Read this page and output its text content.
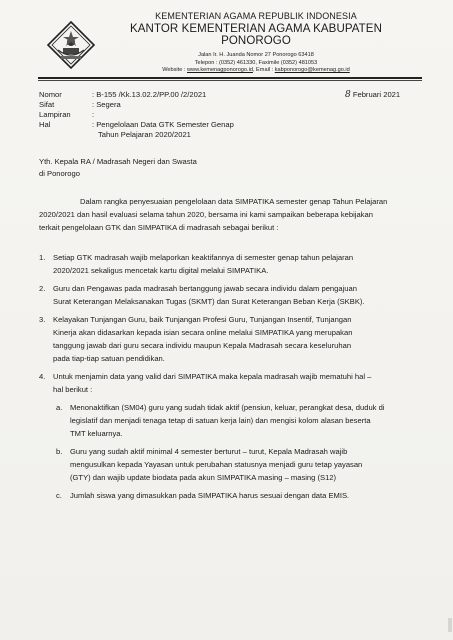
KEMENTERIAN AGAMA REPUBLIK INDONESIA
KANTOR KEMENTERIAN AGAMA KABUPATEN PONOROGO
Jalan Ir. H. Juanda Nomor 27 Ponorogo 63418
Telepon : (0352) 461330, Faximile (0352) 481053
Website : www.kemenagponorogo.id, Email : kabponorogo@kemenag.go.id
Nomor	: B-155 /Kk.13.02.2/PP.00 /2/2021	8 Februari 2021
Sifat	: Segera
Lampiran	:
Hal	: Pengelolaan Data GTK Semester Genap
Tahun Pelajaran 2020/2021
Yth. Kepala RA / Madrasah Negeri dan Swasta
di Ponorogo
Dalam rangka penyesuaian pengelolaan data SIMPATIKA semester genap Tahun Pelajaran
2020/2021 dan hasil evaluasi selama tahun 2020, bersama ini kami sampaikan beberapa kebijakan
terkait pengelolaan GTK dan SIMPATIKA di madrasah sebagai berikut :
1. Setiap GTK madrasah wajib melaporkan keaktifannya di semester genap tahun pelajaran
2020/2021 sekaligus mencetak kartu digital melalui SIMPATIKA.
2. Guru dan Pengawas pada madrasah bertanggung jawab secara individu dalam pengajuan
Surat Keterangan Melaksanakan Tugas (SKMT) dan Surat Keterangan Beban Kerja (SKBK).
3. Kelayakan Tunjangan Guru, baik Tunjangan Profesi Guru, Tunjangan Insentif, Tunjangan
Kinerja akan didasarkan kepada isian secara online melalui SIMPATIKA yang merupakan
tanggung jawab dari guru secara individu maupun Kepala Madrasah secara keseluruhan
pada tiap-tiap satuan pendidikan.
4. Untuk menjamin data yang valid dari SIMPATIKA maka kepala madrasah wajib mematuhi hal –
hal berikut :
a. Menonaktifkan (SM04) guru yang sudah tidak aktif (pensiun, keluar, perangkat desa, duduk di
legislatif dan menjadi tenaga tetap di satuan kerja lain) dan mengisi kolom alasan beserta
TMT keluarnya.
b. Guru yang sudah aktif minimal 4 semester berturut – turut, Kepala Madrasah wajib
mengusulkan kepada Yayasan untuk perubahan statusnya menjadi guru tetap yayasan
(GTY) dan wajib update biodata pada akun SIMPATIKA masing – masing (S12)
c. Jumlah siswa yang dimasukkan pada SIMPATIKA harus sesuai dengan data EMIS.
